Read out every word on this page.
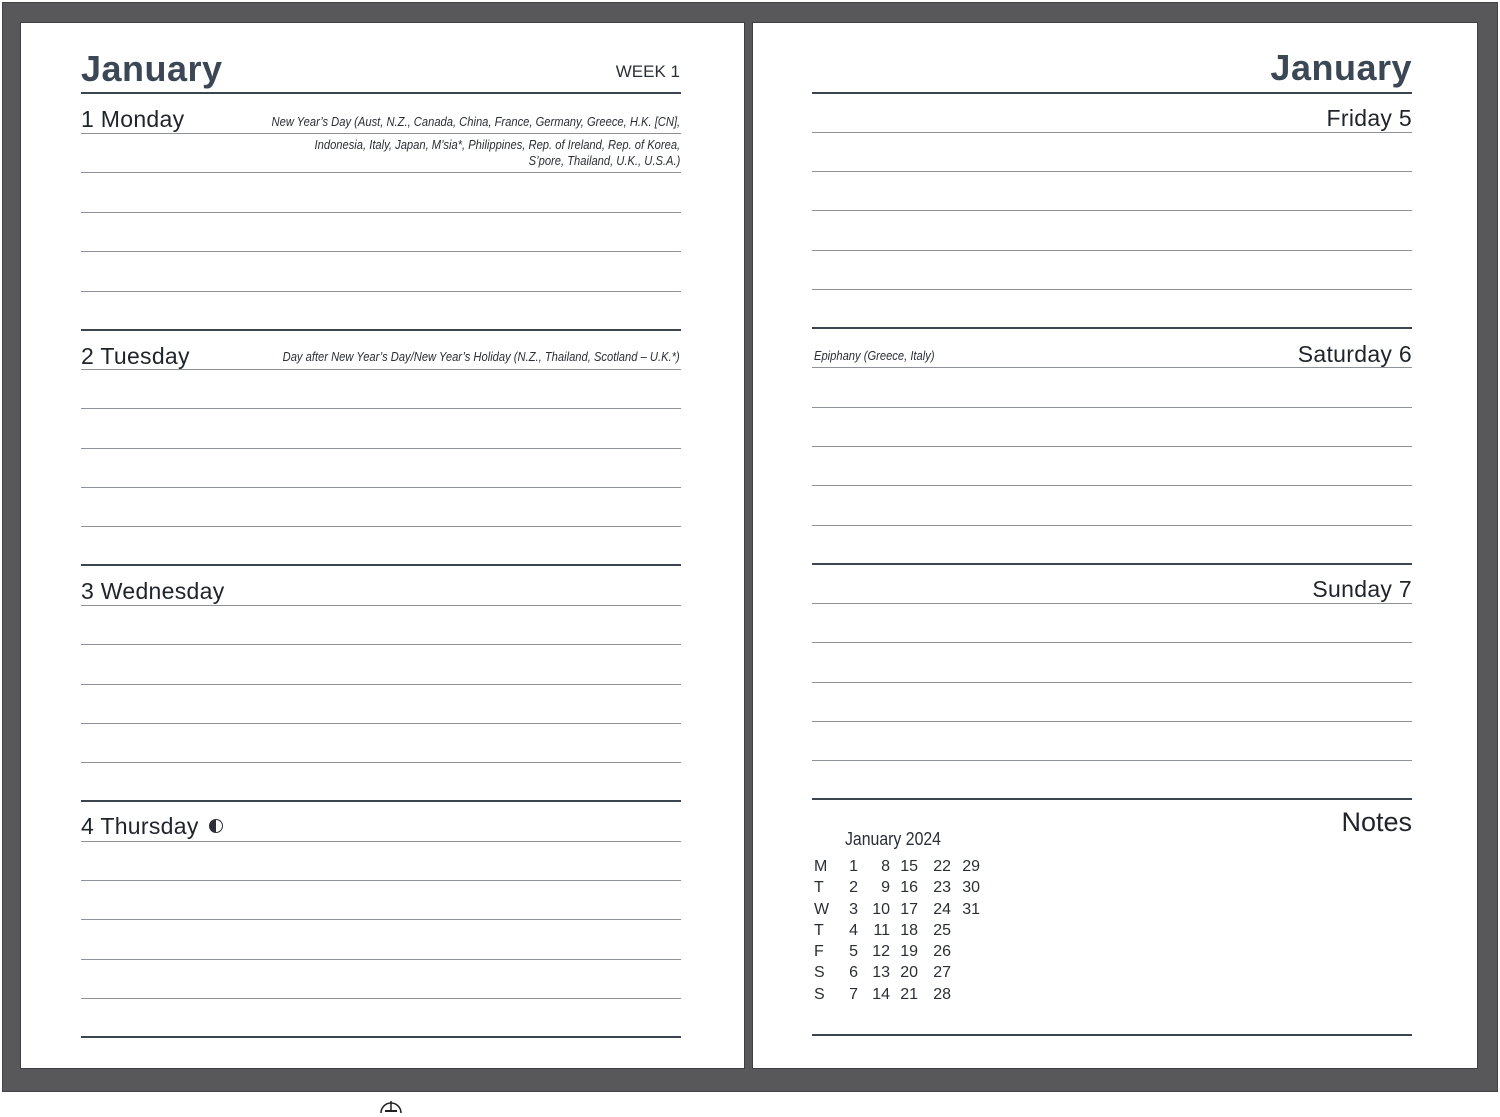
January	WEEK 1
1 Monday	New Year’s Day (Aust, N.Z., Canada, China, France, Germany, Greece, H.K. [CN],
Indonesia, Italy, Japan, M’sia*, Philippines, Rep. of Ireland, Rep. of Korea,
S’pore, Thailand, U.K., U.S.A.)
2 Tuesday	Day after New Year’s Day/New Year’s Holiday (N.Z., Thailand, Scotland – U.K.*)
3 Wednesday
4 Thursday
January
Friday 5
Epiphany (Greece, Italy)	Saturday 6
Sunday 7
Notes
January 2024
M	1	8 15 22 29
T	2	9 16 23 30
W	3 10 17 24 31
T	4 11 18 25
F	5 12 19 26
S	6 13 20 27
S	7 14 21 28
